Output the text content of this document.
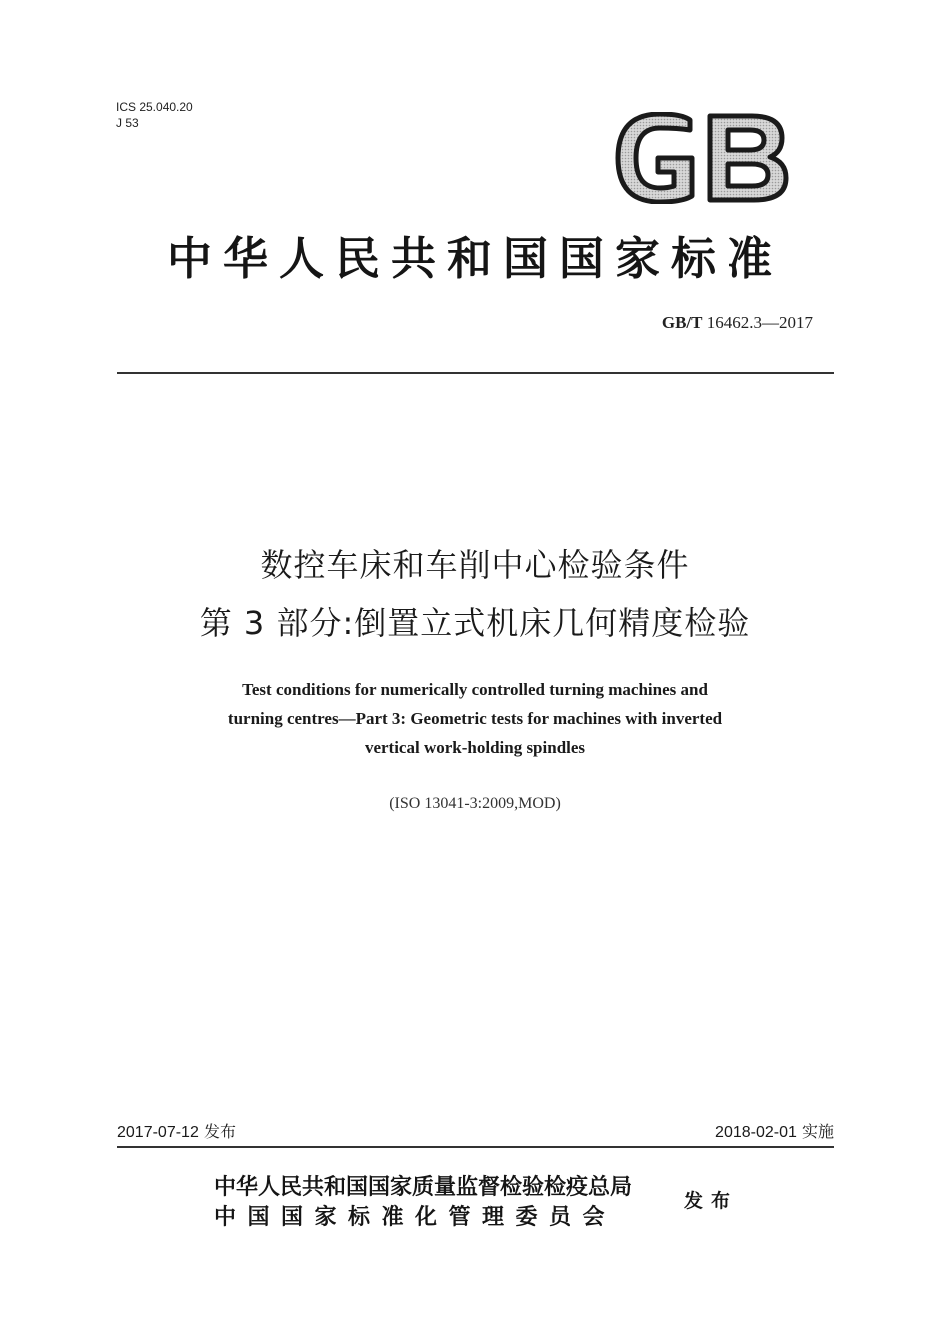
ICS 25.040.20
J 53
中华人民共和国国家标准
GB/T 16462.3—2017
数控车床和车削中心检验条件
第 3 部分:倒置立式机床几何精度检验
Test conditions for numerically controlled turning machines and
turning centres—Part 3: Geometric tests for machines with inverted
vertical work-holding spindles
(ISO 13041-3:2009,MOD)
2017-07-12 发布	2018-02-01 实施
中华人民共和国国家质量监督检验检疫总局
中国国家标准化管理委员会
发布
